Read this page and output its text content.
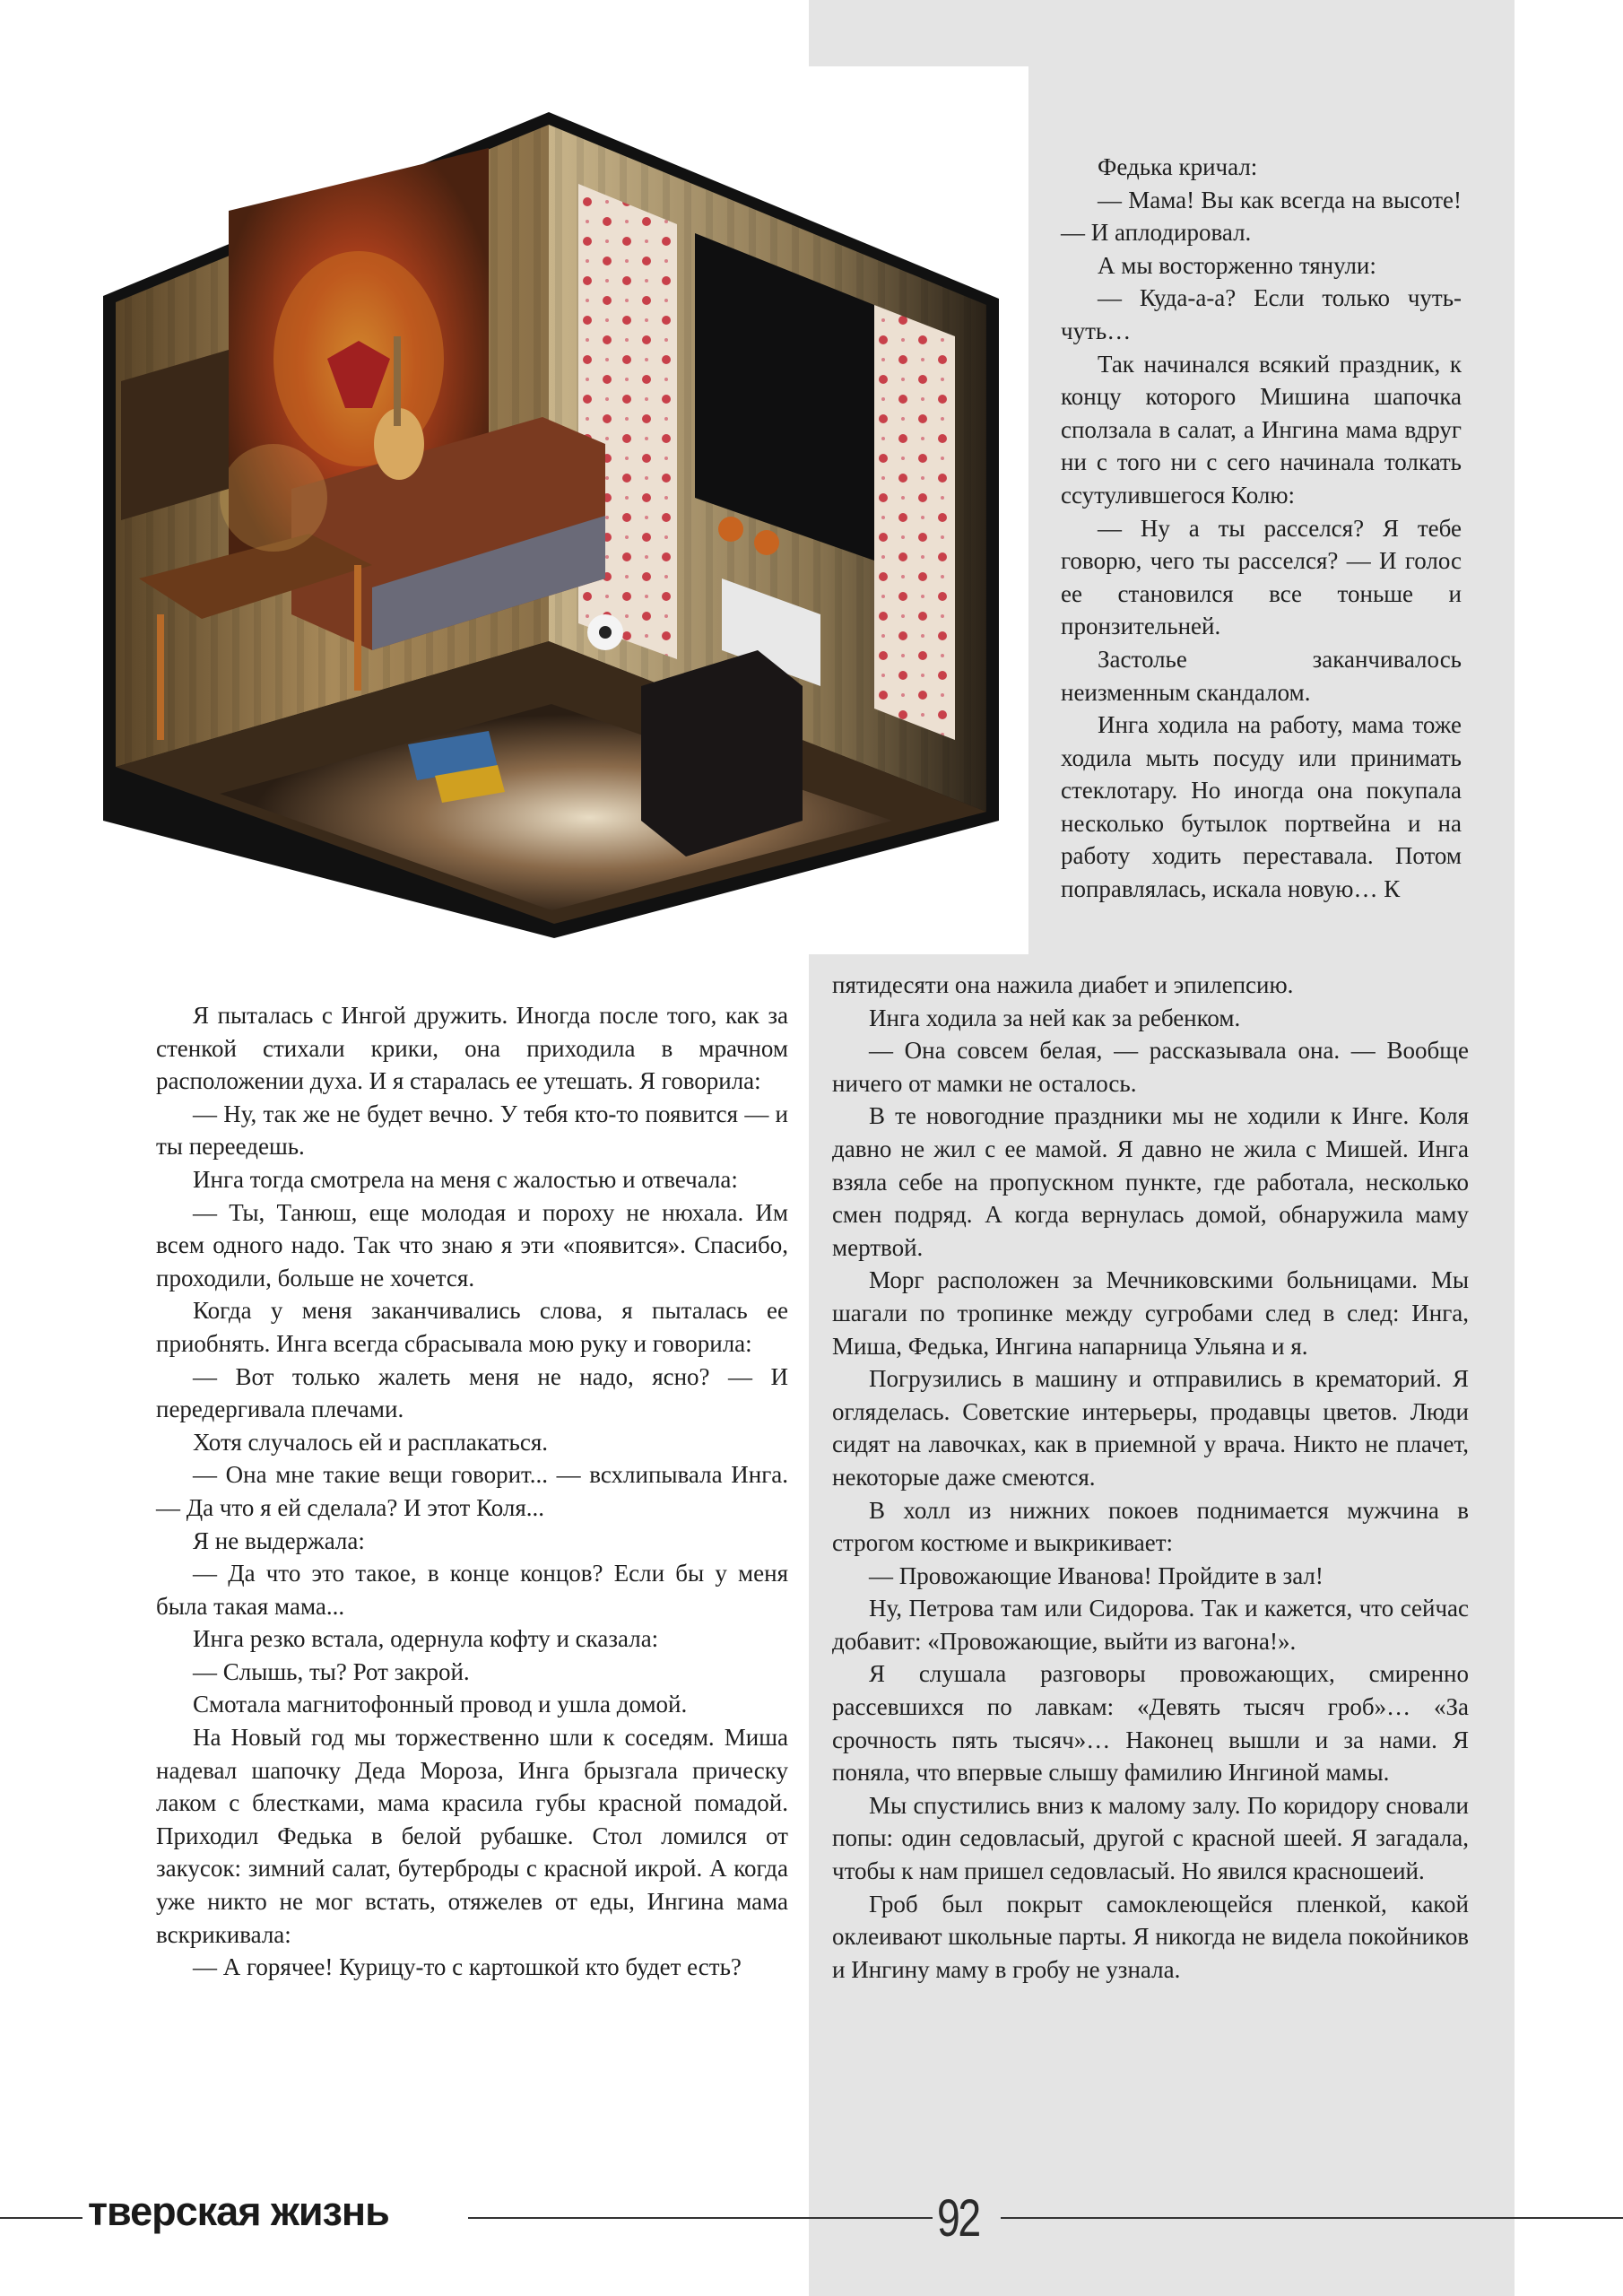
Федька кричал:

— Мама! Вы как всегда на высоте! — И аплодировал.

А мы восторженно тянули:

— Куда-а-а? Если только чуть-чуть…

Так начинался всякий праздник, к концу которого Мишина шапочка сползала в салат, а Ингина мама вдруг ни с того ни с сего начинала толкать ссутулившегося Колю:

— Ну а ты расселся? Я тебе говорю, чего ты расселся? — И голос ее становился все тоньше и пронзительней.

Застолье заканчивалось неизменным скандалом.

Инга ходила на работу, мама тоже ходила мыть посуду или принимать стеклотару. Но иногда она покупала несколько бутылок портвейна и на работу ходить переставала. Потом поправлялась, искала новую… К

пятидесяти она нажила диабет и эпилепсию.

Инга ходила за ней как за ребенком.

— Она совсем белая, — рассказывала она. — Вообще ничего от мамки не осталось.

В те новогодние праздники мы не ходили к Инге. Коля давно не жил с ее мамой. Я давно не жила с Мишей. Инга взяла себе на пропускном пункте, где работала, несколько смен подряд. А когда вернулась домой, обнаружила маму мертвой.

Морг расположен за Мечниковскими больницами. Мы шагали по тропинке между сугробами след в след: Инга, Миша, Федька, Ингина напарница Ульяна и я.

Погрузились в машину и отправились в крематорий. Я огляделась. Советские интерьеры, продавцы цветов. Люди сидят на лавочках, как в приемной у врача. Никто не плачет, некоторые даже смеются.

В холл из нижних покоев поднимается мужчина в строгом костюме и выкрикивает:

— Провожающие Иванова! Пройдите в зал!

Ну, Петрова там или Сидорова. Так и кажется, что сейчас добавит: «Провожающие, выйти из вагона!».

Я слушала разговоры провожающих, смиренно рассевшихся по лавкам: «Девять тысяч гроб»… «За срочность пять тысяч»… Наконец вышли и за нами. Я поняла, что впервые слышу фамилию Ингиной мамы.

Мы спустились вниз к малому залу. По коридору сновали попы: один седовласый, другой с красной шеей. Я загадала, чтобы к нам пришел седовласый. Но явился красношеий.

Гроб был покрыт самоклеющейся пленкой, какой оклеивают школьные парты. Я никогда не видела покойников и Ингину маму в гробу не узнала.

Я пыталась с Ингой дружить. Иногда после того, как за стенкой стихали крики, она приходила в мрачном расположении духа. И я старалась ее утешать. Я говорила:

— Ну, так же не будет вечно. У тебя кто-то появится — и ты переедешь.

Инга тогда смотрела на меня с жалостью и отвечала:

— Ты, Танюш, еще молодая и пороху не нюхала. Им всем одного надо. Так что знаю я эти «появится». Спасибо, проходили, больше не хочется.

Когда у меня заканчивались слова, я пыталась ее приобнять. Инга всегда сбрасывала мою руку и говорила:

— Вот только жалеть меня не надо, ясно? — И передергивала плечами.

Хотя случалось ей и расплакаться.

— Она мне такие вещи говорит... — всхлипывала Инга. — Да что я ей сделала? И этот Коля...

Я не выдержала:

— Да что это такое, в конце концов? Если бы у меня была такая мама...

Инга резко встала, одернула кофту и сказала:

— Слышь, ты? Рот закрой.

Смотала магнитофонный провод и ушла домой.

На Новый год мы торжественно шли к соседям. Миша надевал шапочку Деда Мороза, Инга брызгала прическу лаком с блестками, мама красила губы красной помадой. Приходил Федька в белой рубашке. Стол ломился от закусок: зимний салат, бутерброды с красной икрой. А когда уже никто не мог встать, отяжелев от еды, Ингина мама вскрикивала:

— А горячее! Курицу-то с картошкой кто будет есть?

тверская жизнь	92
